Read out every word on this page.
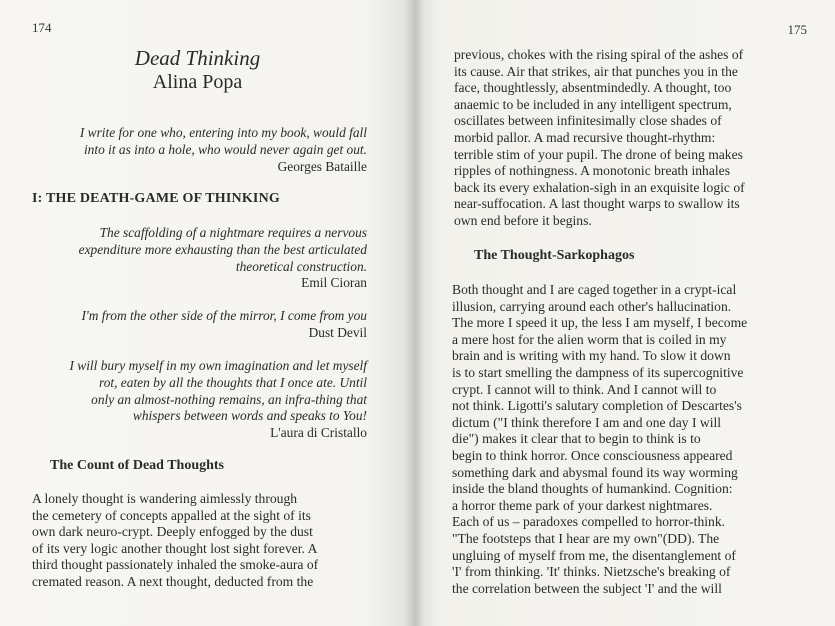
174
Dead Thinking
Alina Popa

I write for one who, entering into my book, would fall

into it as into a hole, who would never again get out.

Georges Bataille

I: THE DEATH-GAME OF THINKING

The scaffolding of a nightmare requires a nervous

expenditure more exhausting than the best articulated

theoretical construction.

Emil Cioran

I'm from the other side of the mirror, I come from you

Dust Devil

I will bury myself in my own imagination and let myself

rot, eaten by all the thoughts that I once ate. Until

only an almost-nothing remains, an infra-thing that

whispers between words and speaks to You!

L'aura di Cristallo

The Count of Dead Thoughts
A lonely thought is wandering aimlessly through
the cemetery of concepts appalled at the sight of its
own dark neuro-crypt. Deeply enfogged by the dust
of its very logic another thought lost sight forever. A
third thought passionately inhaled the smoke-aura of
cremated reason. A next thought, deducted from the
175
previous, chokes with the rising spiral of the ashes of
its cause. Air that strikes, air that punches you in the
face, thoughtlessly, absentmindedly. A thought, too
anaemic to be included in any intelligent spectrum,
oscillates between infinitesimally close shades of
morbid pallor. A mad recursive thought-rhythm:
terrible stim of your pupil. The drone of being makes
ripples of nothingness. A monotonic breath inhales
back its every exhalation-sigh in an exquisite logic of
near-suffocation. A last thought warps to swallow its
own end before it begins.
The Thought-Sarkophagos
Both thought and I are caged together in a crypt-ical
illusion, carrying around each other's hallucination.
The more I speed it up, the less I am myself, I become
a mere host for the alien worm that is coiled in my
brain and is writing with my hand. To slow it down
is to start smelling the dampness of its supercognitive
crypt. I cannot will to think. And I cannot will to
not think. Ligotti's salutary completion of Descartes's
dictum ("I think therefore I am and one day I will
die") makes it clear that to begin to think is to
begin to think horror. Once consciousness appeared
something dark and abysmal found its way worming
inside the bland thoughts of humankind. Cognition:
a horror theme park of your darkest nightmares.
Each of us – paradoxes compelled to horror-think.
"The footsteps that I hear are my own"(DD). The
ungluing of myself from me, the disentanglement of
'I' from thinking. 'It' thinks. Nietzsche's breaking of
the correlation between the subject 'I' and the will
